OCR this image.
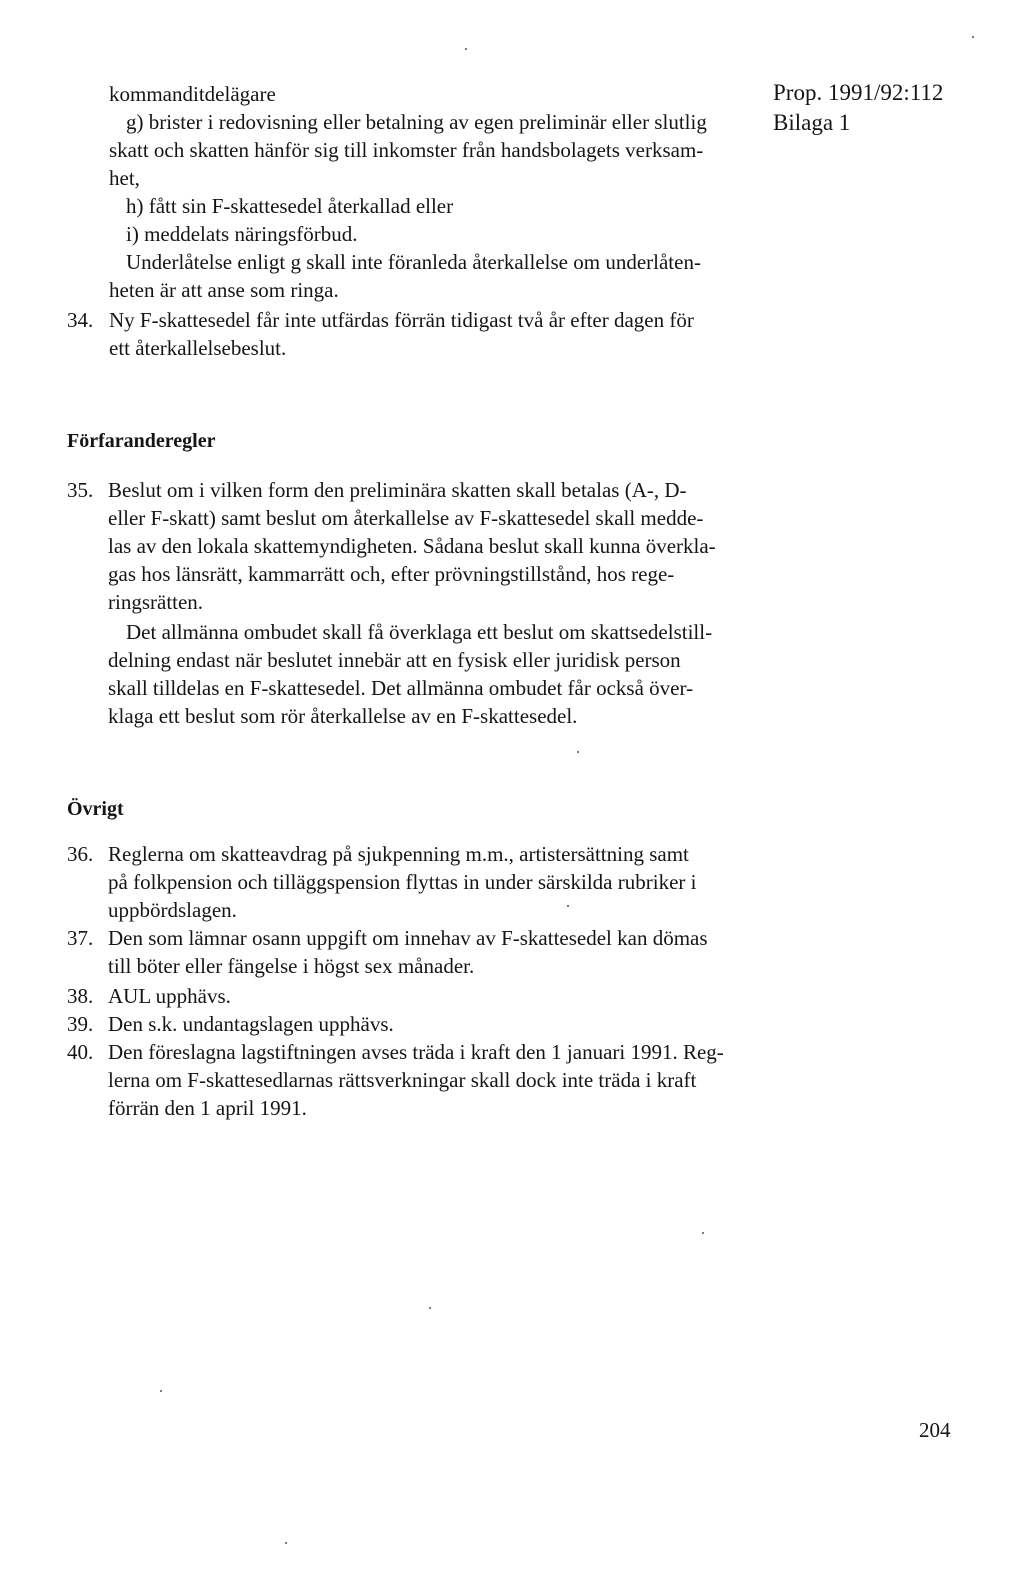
Prop. 1991/92:112
Bilaga 1
kommanditdelägare
g) brister i redovisning eller betalning av egen preliminär eller slutlig
skatt och skatten hänför sig till inkomster från handsbolagets verksam-
het,
h) fått sin F-skattesedel återkallad eller
i) meddelats näringsförbud.
Underlåtelse enligt g skall inte föranleda återkallelse om underlåten-
heten är att anse som ringa.
34. Ny F-skattesedel får inte utfärdas förrän tidigast två år efter dagen för
ett återkallelsebeslut.
Förfaranderegler
35. Beslut om i vilken form den preliminära skatten skall betalas (A-, D-
eller F-skatt) samt beslut om återkallelse av F-skattesedel skall medde-
las av den lokala skattemyndigheten. Sådana beslut skall kunna överkla-
gas hos länsrätt, kammarrätt och, efter prövningstillstånd, hos rege-
ringsrätten.
Det allmänna ombudet skall få överklaga ett beslut om skattsedelstill-
delning endast när beslutet innebär att en fysisk eller juridisk person
skall tilldelas en F-skattesedel. Det allmänna ombudet får också över-
klaga ett beslut som rör återkallelse av en F-skattesedel.
Övrigt
36. Reglerna om skatteavdrag på sjukpenning m.m., artistersättning samt
på folkpension och tilläggspension flyttas in under särskilda rubriker i
uppbördslagen.
37. Den som lämnar osann uppgift om innehav av F-skattesedel kan dömas
till böter eller fängelse i högst sex månader.
38. AUL upphävs.
39. Den s.k. undantagslagen upphävs.
40. Den föreslagna lagstiftningen avses träda i kraft den 1 januari 1991. Reg-
lerna om F-skattesedlarnas rättsverkningar skall dock inte träda i kraft
förrän den 1 april 1991.
204
